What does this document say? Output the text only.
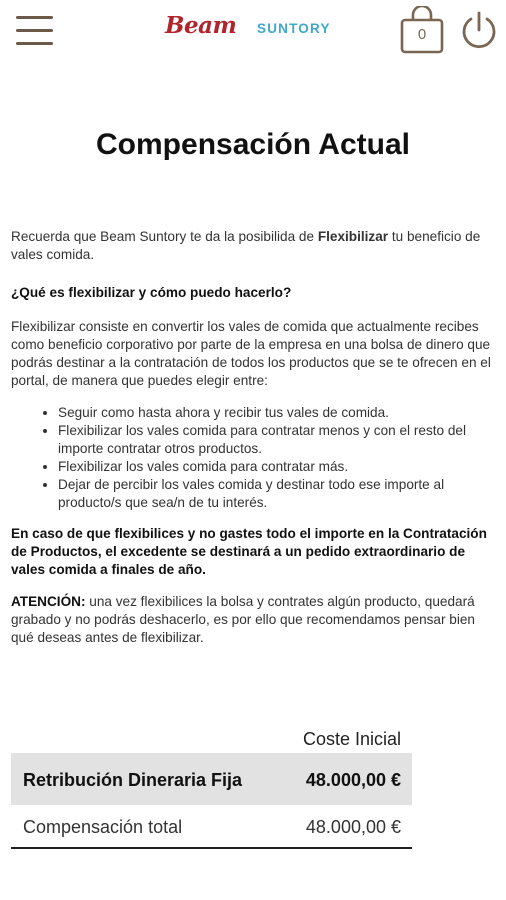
Beam SUNTORY	0
Compensación Actual

Recuerda que Beam Suntory te da la posibilida de Flexibilizar tu beneficio de vales comida.

¿Qué es flexibilizar y cómo puedo hacerlo?

Flexibilizar consiste en convertir los vales de comida que actualmente recibes como beneficio corporativo por parte de la empresa en una bolsa de dinero que podrás destinar a la contratación de todos los productos que se te ofrecen en el portal, de manera que puedes elegir entre:

• Seguir como hasta ahora y recibir tus vales de comida.
• Flexibilizar los vales comida para contratar menos y con el resto del importe contratar otros productos.
• Flexibilizar los vales comida para contratar más.
• Dejar de percibir los vales comida y destinar todo ese importe al producto/s que sea/n de tu interés.

En caso de que flexibilices y no gastes todo el importe en la Contratación de Productos, el excedente se destinará a un pedido extraordinario de vales comida a finales de año.

ATENCIÓN: una vez flexibilices la bolsa y contrates algún producto, quedará grabado y no podrás deshacerlo, es por ello que recomendamos pensar bien qué deseas antes de flexibilizar.

Coste Inicial
Retribución Dineraria Fija	48.000,00 €
Compensación total	48.000,00 €
